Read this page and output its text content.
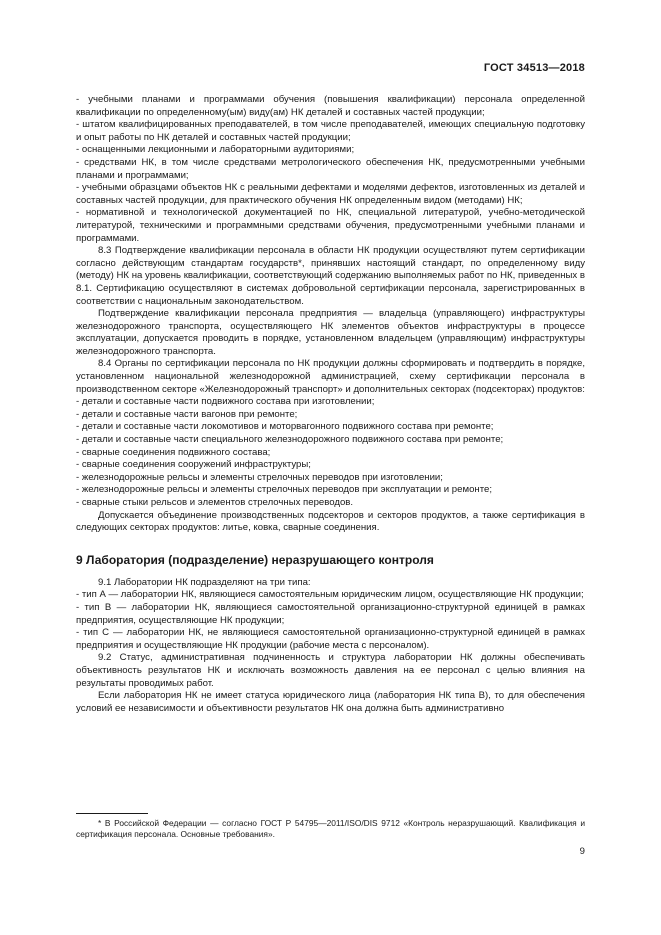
ГОСТ 34513—2018

- учебными планами и программами обучения (повышения квалификации) персонала определенной квалификации по определенному(ым) виду(ам) НК деталей и составных частей продукции;

- штатом квалифицированных преподавателей, в том числе преподавателей, имеющих специальную подготовку и опыт работы по НК деталей и составных частей продукции;

- оснащенными лекционными и лабораторными аудиториями;

- средствами НК, в том числе средствами метрологического обеспечения НК, предусмотренными учебными планами и программами;

- учебными образцами объектов НК с реальными дефектами и моделями дефектов, изготовленных из деталей и составных частей продукции, для практического обучения НК определенным видом (методами) НК;

- нормативной и технологической документацией по НК, специальной литературой, учебно-методической литературой, техническими и программными средствами обучения, предусмотренными учебными планами и программами.

8.3 Подтверждение квалификации персонала в области НК продукции осуществляют путем сертификации согласно действующим стандартам государств*, принявших настоящий стандарт, по определенному виду (методу) НК на уровень квалификации, соответствующий содержанию выполняемых работ по НК, приведенных в 8.1. Сертификацию осуществляют в системах добровольной сертификации персонала, зарегистрированных в соответствии с национальным законодательством.

Подтверждение квалификации персонала предприятия — владельца (управляющего) инфраструктуры железнодорожного транспорта, осуществляющего НК элементов объектов инфраструктуры в процессе эксплуатации, допускается проводить в порядке, установленном владельцем (управляющим) инфраструктуры железнодорожного транспорта.

8.4 Органы по сертификации персонала по НК продукции должны сформировать и подтвердить в порядке, установленном национальной железнодорожной администрацией, схему сертификации персонала в производственном секторе «Железнодорожный транспорт» и дополнительных секторах (подсекторах) продуктов:

- детали и составные части подвижного состава при изготовлении;

- детали и составные части вагонов при ремонте;

- детали и составные части локомотивов и моторвагонного подвижного состава при ремонте;

- детали и составные части специального железнодорожного подвижного состава при ремонте;

- сварные соединения подвижного состава;

- сварные соединения сооружений инфраструктуры;

- железнодорожные рельсы и элементы стрелочных переводов при изготовлении;

- железнодорожные рельсы и элементы стрелочных переводов при эксплуатации и ремонте;

- сварные стыки рельсов и элементов стрелочных переводов.

Допускается объединение производственных подсекторов и секторов продуктов, а также сертификация в следующих секторах продуктов: литье, ковка, сварные соединения.

9 Лаборатория (подразделение) неразрушающего контроля

9.1 Лаборатории НК подразделяют на три типа:

- тип А — лаборатории НК, являющиеся самостоятельным юридическим лицом, осуществляющие НК продукции;

- тип В — лаборатории НК, являющиеся самостоятельной организационно-структурной единицей в рамках предприятия, осуществляющие НК продукции;

- тип С — лаборатории НК, не являющиеся самостоятельной организационно-структурной единицей в рамках предприятия и осуществляющие НК продукции (рабочие места с персоналом).

9.2 Статус, административная подчиненность и структура лаборатории НК должны обеспечивать объективность результатов НК и исключать возможность давления на ее персонал с целью влияния на результаты проводимых работ.

Если лаборатория НК не имеет статуса юридического лица (лаборатория НК типа В), то для обеспечения условий ее независимости и объективности результатов НК она должна быть административно

* В Российской Федерации — согласно ГОСТ Р 54795—2011/ISO/DIS 9712 «Контроль неразрушающий. Квалификация и сертификация персонала. Основные требования».
9
